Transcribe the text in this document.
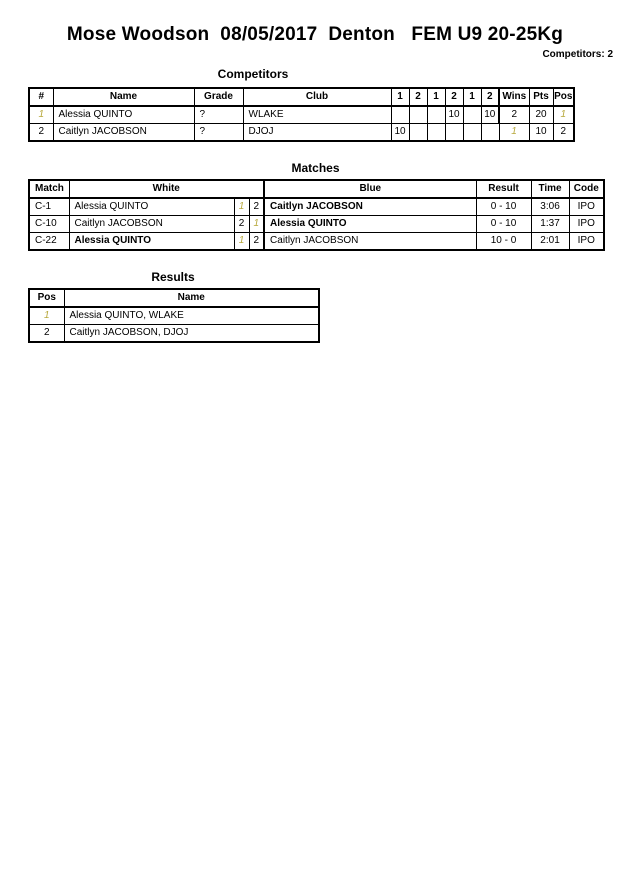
Mose Woodson  08/05/2017  Denton   FEM U9 20-25Kg
Competitors: 2
Competitors
#	Name	Grade	Club	1	2	1	2	1	2	Wins	Pts	Pos
1	Alessia QUINTO	?	WLAKE				10		10	2	20	1
2	Caitlyn JACOBSON	?	DJOJ	10						1	10	2
Matches
Match	White			Blue	Result	Time	Code
C-1	Alessia QUINTO	1	2	Caitlyn JACOBSON	0 - 10	3:06	IPO
C-10	Caitlyn JACOBSON	2	1	Alessia QUINTO	0 - 10	1:37	IPO
C-22	Alessia QUINTO	1	2	Caitlyn JACOBSON	10 - 0	2:01	IPO
Results
Pos	Name
1	Alessia QUINTO, WLAKE
2	Caitlyn JACOBSON, DJOJ
